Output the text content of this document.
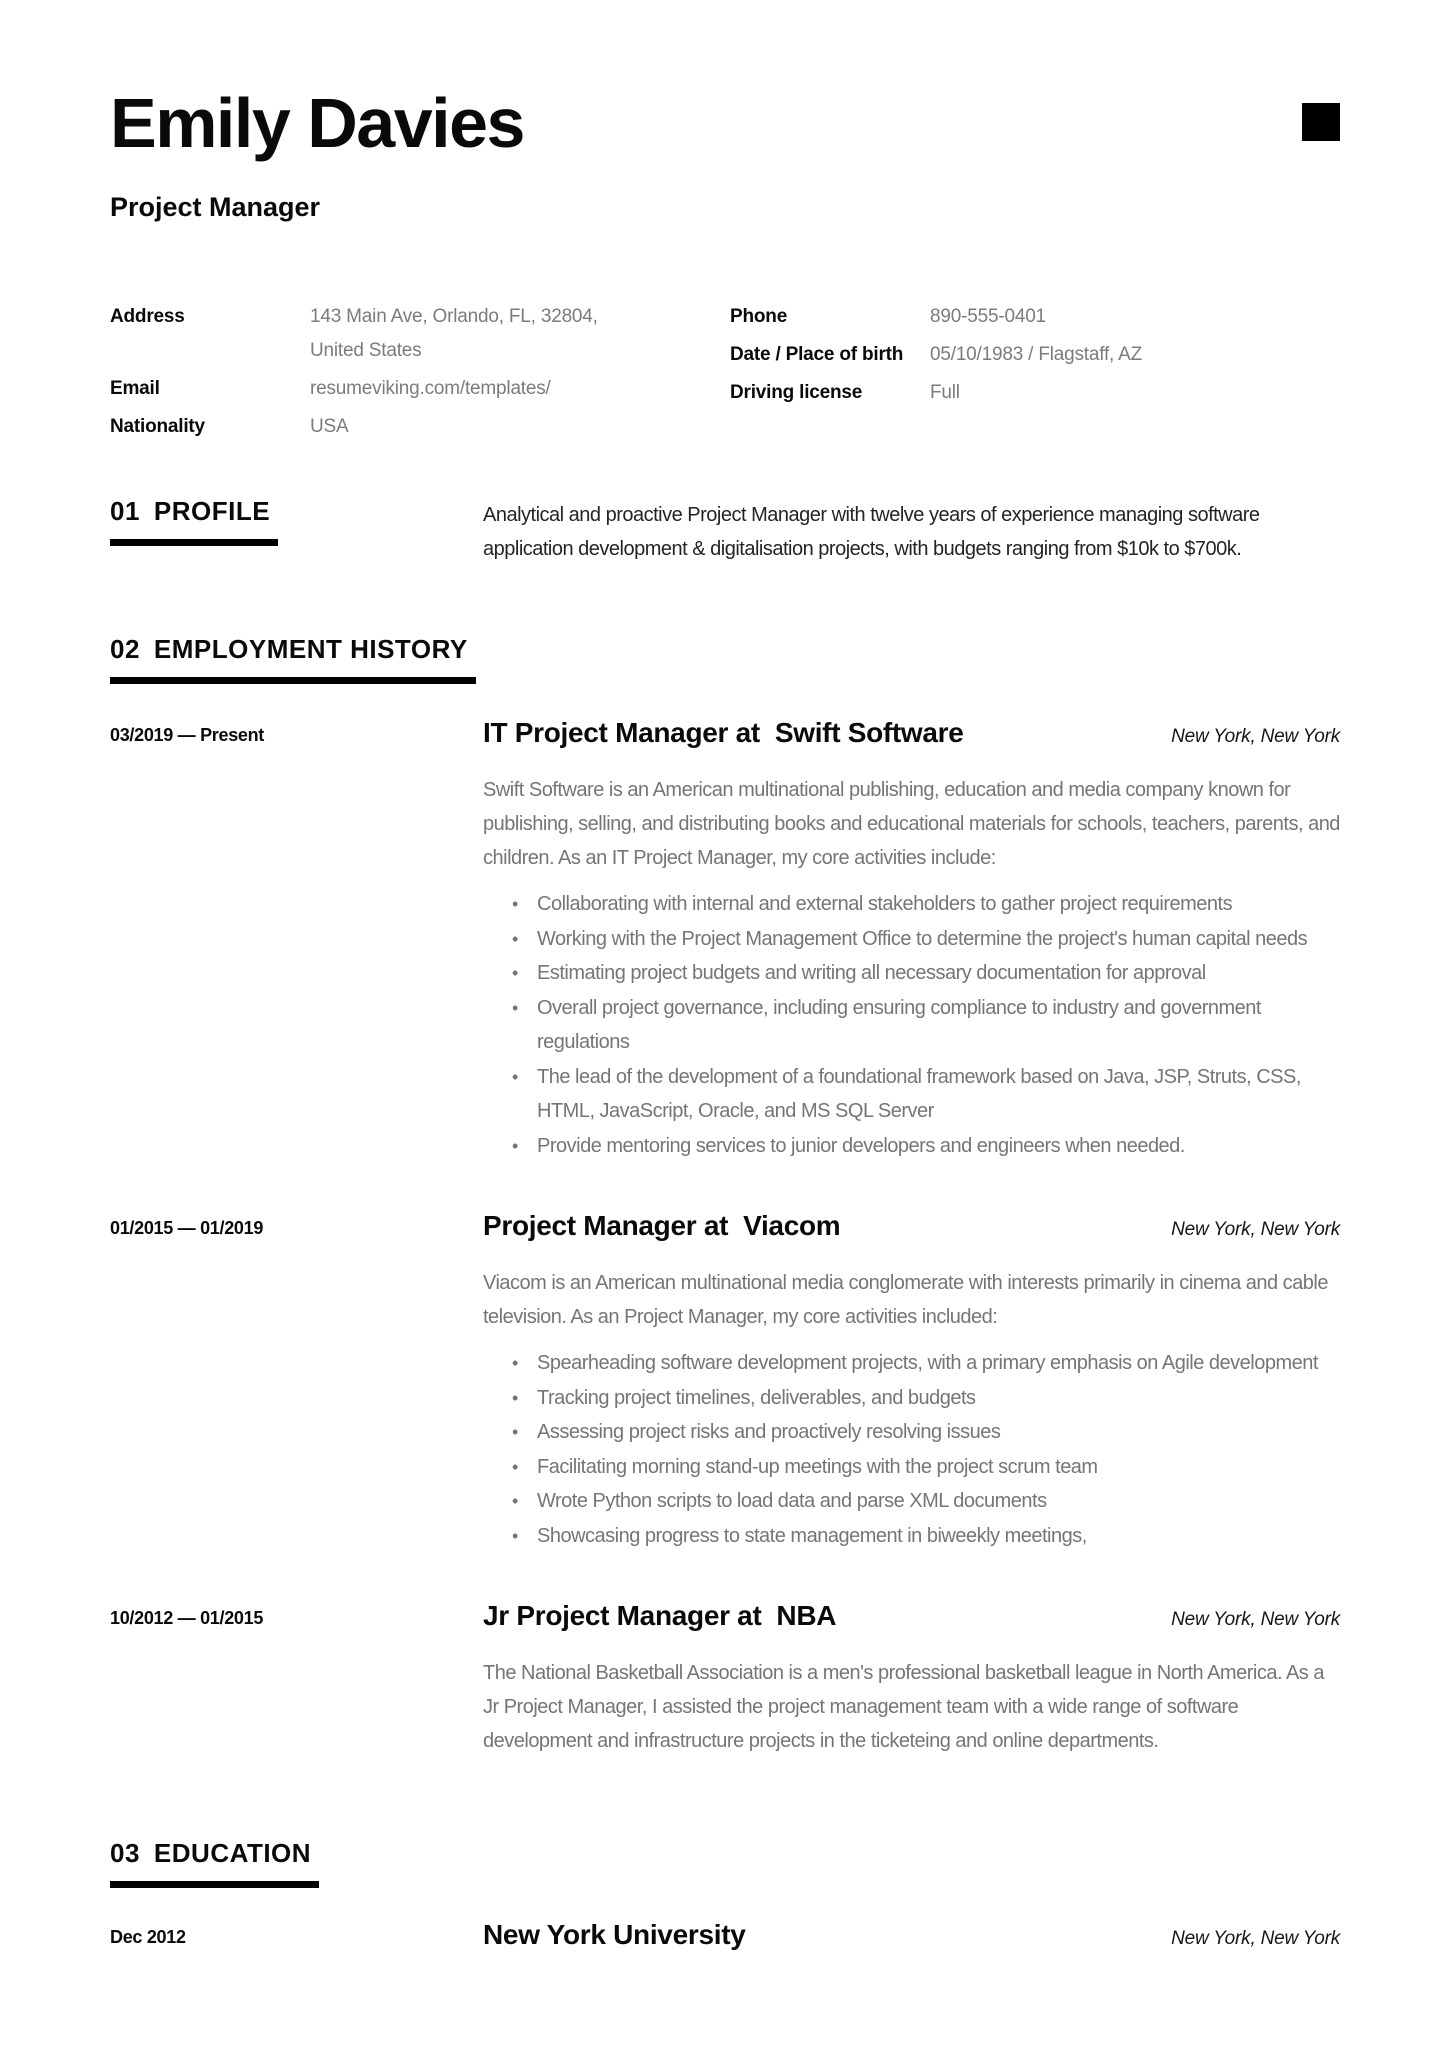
Emily Davies
Project Manager
Address	143 Main Ave, Orlando, FL, 32804, United States
Email	resumeviking.com/templates/
Nationality	USA
Phone	890-555-0401
Date / Place of birth	05/10/1983 / Flagstaff, AZ
Driving license	Full
01 PROFILE	Analytical and proactive Project Manager with twelve years of experience managing software application development & digitalisation projects, with budgets ranging from $10k to $700k.

02 EMPLOYMENT HISTORY
03/2019 — Present	IT Project Manager at  Swift Software	New York, New York

Swift Software is an American multinational publishing, education and media company known for publishing, selling, and distributing books and educational materials for schools, teachers, parents, and children. As an IT Project Manager, my core activities include:

• Collaborating with internal and external stakeholders to gather project requirements
• Working with the Project Management Office to determine the project's human capital needs
• Estimating project budgets and writing all necessary documentation for approval
• Overall project governance, including ensuring compliance to industry and government regulations
• The lead of the development of a foundational framework based on Java, JSP, Struts, CSS, HTML, JavaScript, Oracle, and MS SQL Server
• Provide mentoring services to junior developers and engineers when needed.
01/2015 — 01/2019	Project Manager at  Viacom	New York, New York

Viacom is an American multinational media conglomerate with interests primarily in cinema and cable television. As an Project Manager, my core activities included:

• Spearheading software development projects, with a primary emphasis on Agile development
• Tracking project timelines, deliverables, and budgets
• Assessing project risks and proactively resolving issues
• Facilitating morning stand-up meetings with the project scrum team
• Wrote Python scripts to load data and parse XML documents
• Showcasing progress to state management in biweekly meetings,
10/2012 — 01/2015	Jr Project Manager at  NBA	New York, New York

The National Basketball Association is a men's professional basketball league in North America. As a Jr Project Manager, I assisted the project management team with a wide range of software development and infrastructure projects in the ticketeing and online departments.

03 EDUCATION
Dec 2012	New York University	New York, New York
